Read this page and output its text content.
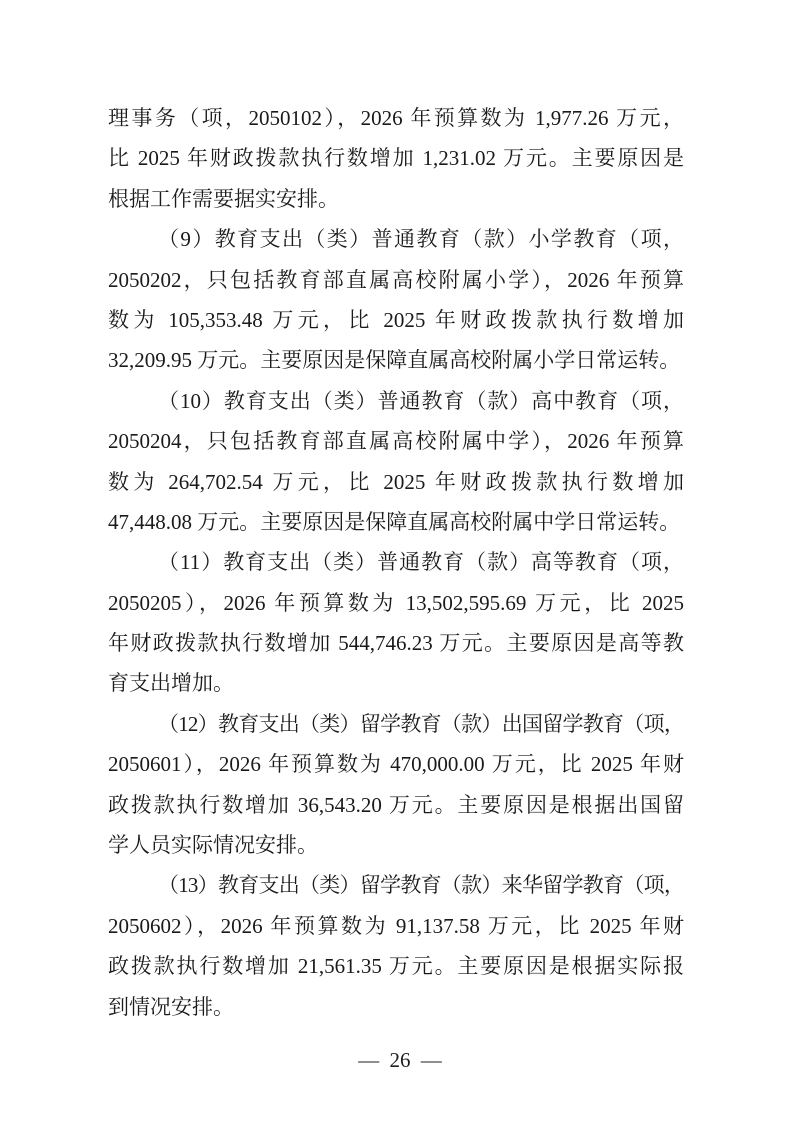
理事务（项，2050102），2026 年预算数为 1,977.26 万元，
比 2025 年财政拨款执行数增加 1,231.02 万元。主要原因是
根据工作需要据实安排。

（9）教育支出（类）普通教育（款）小学教育（项，
2050202，只包括教育部直属高校附属小学），2026 年预算
数为 105,353.48 万元，比 2025 年财政拨款执行数增加
32,209.95 万元。主要原因是保障直属高校附属小学日常运转。

（10）教育支出（类）普通教育（款）高中教育（项，
2050204，只包括教育部直属高校附属中学），2026 年预算
数为 264,702.54 万元，比 2025 年财政拨款执行数增加
47,448.08 万元。主要原因是保障直属高校附属中学日常运转。

（11）教育支出（类）普通教育（款）高等教育（项，
2050205），2026 年预算数为 13,502,595.69 万元，比 2025
年财政拨款执行数增加 544,746.23 万元。主要原因是高等教
育支出增加。

（12）教育支出（类）留学教育（款）出国留学教育（项，
2050601），2026 年预算数为 470,000.00 万元，比 2025 年财
政拨款执行数增加 36,543.20 万元。主要原因是根据出国留
学人员实际情况安排。

（13）教育支出（类）留学教育（款）来华留学教育（项，
2050602），2026 年预算数为 91,137.58 万元，比 2025 年财
政拨款执行数增加 21,561.35 万元。主要原因是根据实际报
到情况安排。

— 26 —
